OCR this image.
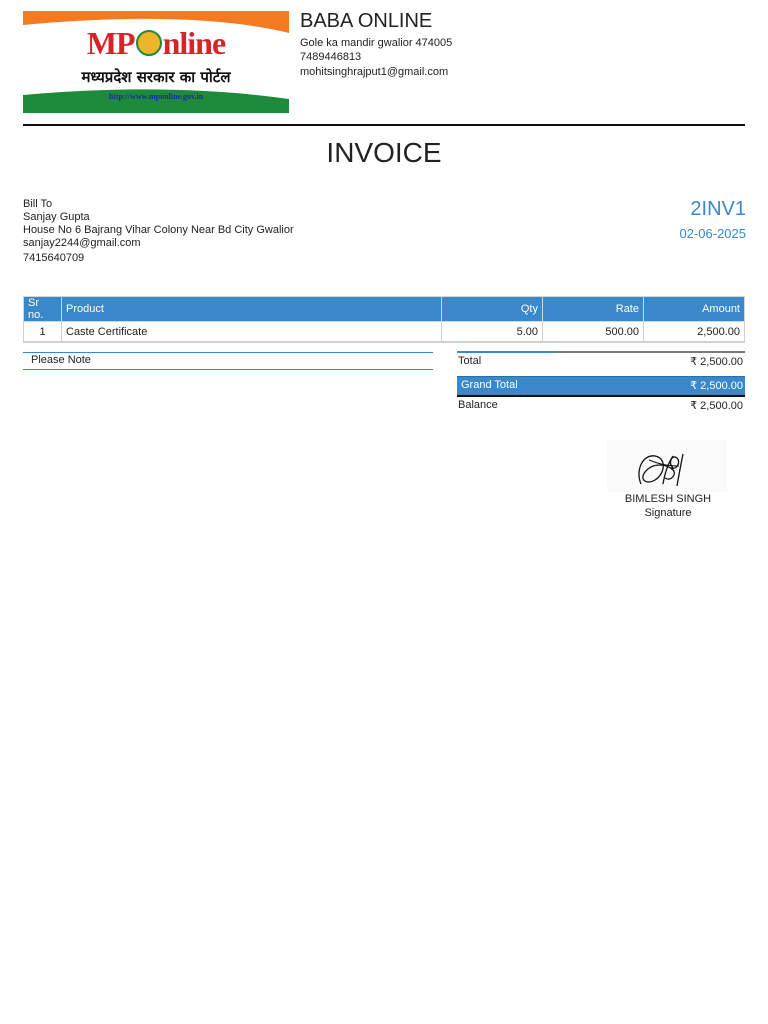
MP nline
मध्यप्रदेश सरकार का पोर्टल
http://www.mponline.gov.in
BABA ONLINE
Gole ka mandir gwalior 474005
7489446813
mohitsinghrajput1@gmail.com
INVOICE
Bill To
Sanjay Gupta
House No 6 Bajrang Vihar Colony Near Bd City Gwalior
sanjay2244@gmail.com
7415640709
2INV1
02-06-2025
Sr no.	Product	Qty	Rate	Amount
1	Caste Certificate	5.00	500.00	2,500.00
Please Note	Total	₹ 2,500.00
Grand Total	₹ 2,500.00
Balance	₹ 2,500.00
BIMLESH SINGH
Signature
